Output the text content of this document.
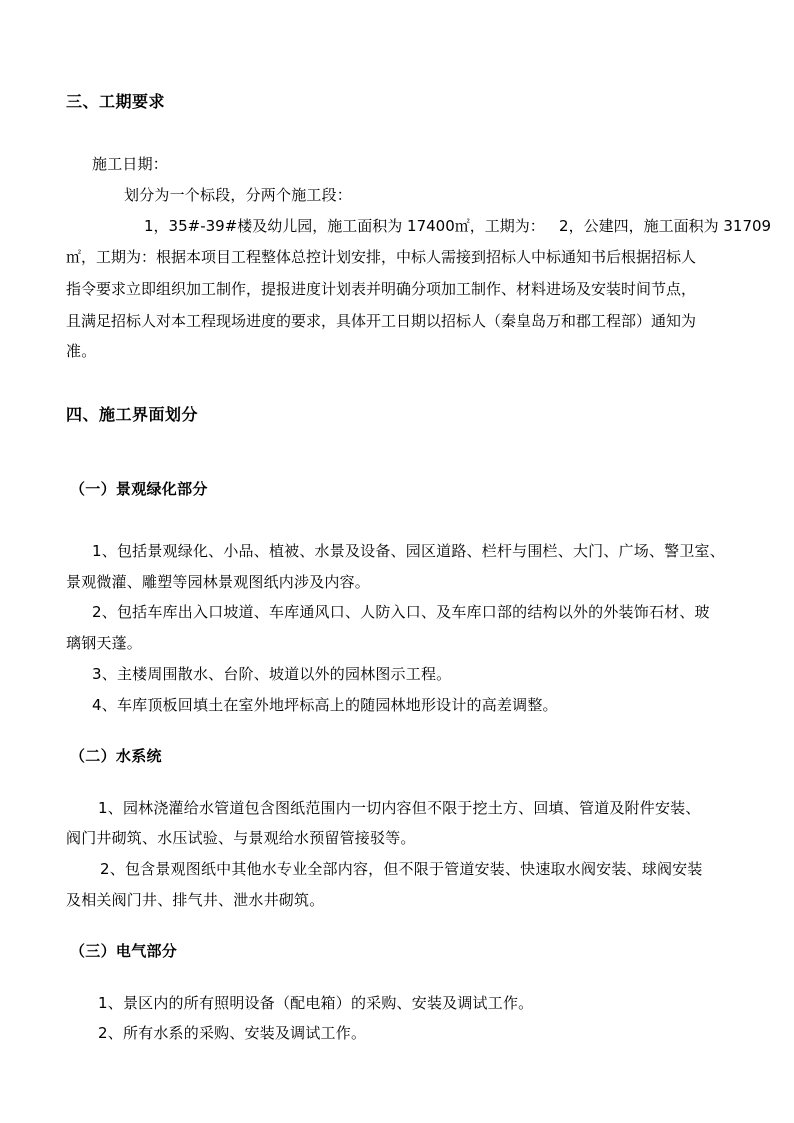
三、工期要求
施工日期：
划分为一个标段，分两个施工段：
1，35#-39#楼及幼儿园，施工面积为 17400㎡，工期为：   2，公建四，施工面积为 31709
㎡，工期为：根据本项目工程整体总控计划安排，中标人需接到招标人中标通知书后根据招标人
指令要求立即组织加工制作，提报进度计划表并明确分项加工制作、材料进场及安装时间节点，
且满足招标人对本工程现场进度的要求，具体开工日期以招标人（秦皇岛万和郡工程部）通知为
准。
四、施工界面划分
（一）景观绿化部分
1、包括景观绿化、小品、植被、水景及设备、园区道路、栏杆与围栏、大门、广场、警卫室、
景观微灌、雕塑等园林景观图纸内涉及内容。
2、包括车库出入口坡道、车库通风口、人防入口、及车库口部的结构以外的外装饰石材、玻
璃钢天蓬。
3、主楼周围散水、台阶、坡道以外的园林图示工程。
4、车库顶板回填土在室外地坪标高上的随园林地形设计的高差调整。
（二）水系统
1、园林浇灌给水管道包含图纸范围内一切内容但不限于挖土方、回填、管道及附件安装、
阀门井砌筑、水压试验、与景观给水预留管接驳等。
2、包含景观图纸中其他水专业全部内容，但不限于管道安装、快速取水阀安装、球阀安装
及相关阀门井、排气井、泄水井砌筑。
（三）电气部分
1、景区内的所有照明设备（配电箱）的采购、安装及调试工作。
2、所有水系的采购、安装及调试工作。
